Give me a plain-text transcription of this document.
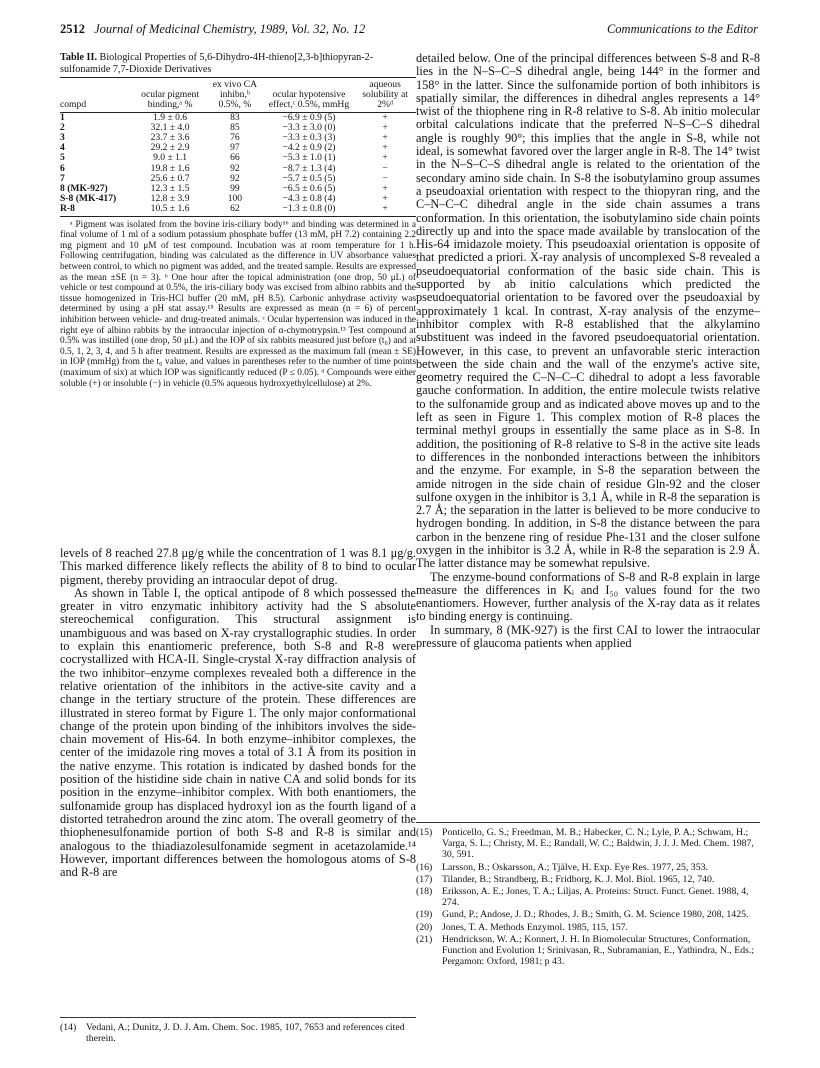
2512 Journal of Medicinal Chemistry, 1989, Vol. 32, No. 12	Communications to the Editor
Table II. Biological Properties of 5,6-Dihydro-4H-thieno[2,3-b]thiopyran-2-sulfonamide 7,7-Dioxide Derivatives
compd	ocular pigment binding,ᵃ %	ex vivo CA inhibn,ᵇ 0.5%, %	ocular hypotensive effect,ᶜ 0.5%, mmHg	aqueous solubility at 2%ᵈ
1	1.9 ± 0.6	83	−6.9 ± 0.9 (5)	+
2	32.1 ± 4.0	85	−3.3 ± 3.0 (0)	+
3	23.7 ± 3.6	76	−3.3 ± 0.3 (3)	+
4	29.2 ± 2.9	97	−4.2 ± 0.9 (2)	+
5	9.0 ± 1.1	66	−5.3 ± 1.0 (1)	+
6	19.8 ± 1.6	92	−8.7 ± 1.3 (4)	−
7	25.6 ± 0.7	92	−5.7 ± 0.5 (5)	−
8 (MK-927)	12.3 ± 1.5	99	−6.5 ± 0.6 (5)	+
S-8 (MK-417)	12.8 ± 3.9	100	−4.3 ± 0.8 (4)	+
R-8	10.5 ± 1.6	62	−1.3 ± 0.8 (0)	+

ᵃ Pigment was isolated from the bovine iris-ciliary body¹⁶ and binding was determined in a final volume of 1 ml of a sodium potassium phosphate buffer (13 mM, pH 7.2) containing 2.2 mg pigment and 10 μM of test compound. Incubation was at room temperature for 1 h. Following centrifugation, binding was calculated as the difference in UV absorbance values between control, to which no pigment was added, and the treated sample. Results are expressed as the mean ±SE (n = 3). ᵇ One hour after the topical administration (one drop, 50 μL) of vehicle or test compound at 0.5%, the iris-ciliary body was excised from albino rabbits and the tissue homogenized in Tris-HCl buffer (20 mM, pH 8.5). Carbonic anhydrase activity was determined by using a pH stat assay.¹⁵ Results are expressed as mean (n = 6) of percent inhibition between vehicle- and drug-treated animals. ᶜ Ocular hypertension was induced in the right eye of albino rabbits by the intraocular injection of α-chymotrypsin.¹³ Test compound at 0.5% was instilled (one drop, 50 μL) and the IOP of six rabbits measured just before (t₀) and at 0.5, 1, 2, 3, 4, and 5 h after treatment. Results are expressed as the maximum fall (mean ± SE) in IOP (mmHg) from the t₀ value, and values in parentheses refer to the number of time points (maximum of six) at which IOP was significantly reduced (P ≤ 0.05). ᵈ Compounds were either soluble (+) or insoluble (−) in vehicle (0.5% aqueous hydroxyethylcellulose) at 2%.

levels of 8 reached 27.8 μg/g while the concentration of 1 was 8.1 μg/g. This marked difference likely reflects the ability of 8 to bind to ocular pigment, thereby providing an intraocular depot of drug.

As shown in Table I, the optical antipode of 8 which possessed the greater in vitro enzymatic inhibitory activity had the S absolute stereochemical configuration. This structural assignment is unambiguous and was based on X-ray crystallographic studies. In order to explain this enantiomeric preference, both S-8 and R-8 were cocrystallized with HCA-II. Single-crystal X-ray diffraction analysis of the two inhibitor–enzyme complexes revealed both a difference in the relative orientation of the inhibitors in the active-site cavity and a change in the tertiary structure of the protein. These differences are illustrated in stereo format by Figure 1. The only major conformational change of the protein upon binding of the inhibitors involves the side-chain movement of His-64. In both enzyme–inhibitor complexes, the center of the imidazole ring moves a total of 3.1 Å from its position in the native enzyme. This rotation is indicated by dashed bonds for the position of the histidine side chain in native CA and solid bonds for its position in the enzyme–inhibitor complex. With both enantiomers, the sulfonamide group has displaced hydroxyl ion as the fourth ligand of a distorted tetrahedron around the zinc atom. The overall geometry of the thiophenesulfonamide portion of both S-8 and R-8 is similar and analogous to the thiadiazolesulfonamide segment in acetazolamide.¹⁴ However, important differences between the homologous atoms of S-8 and R-8 are

detailed below. One of the principal differences between S-8 and R-8 lies in the N–S–C–S dihedral angle, being 144° in the former and 158° in the latter. Since the sulfonamide portion of both inhibitors is spatially similar, the differences in dihedral angles represents a 14° twist of the thiophene ring in R-8 relative to S-8. Ab initio molecular orbital calculations indicate that the preferred N–S–C–S dihedral angle is roughly 90°; this implies that the angle in S-8, while not ideal, is somewhat favored over the larger angle in R-8. The 14° twist in the N–S–C–S dihedral angle is related to the orientation of the secondary amino side chain. In S-8 the isobutylamino group assumes a pseudoaxial orientation with respect to the thiopyran ring, and the C–N–C–C dihedral angle in the side chain assumes a trans conformation. In this orientation, the isobutylamino side chain points directly up and into the space made available by translocation of the His-64 imidazole moiety. This pseudoaxial orientation is opposite of that predicted a priori. X-ray analysis of uncomplexed S-8 revealed a pseudoequatorial conformation of the basic side chain. This is supported by ab initio calculations which predicted the pseudoequatorial orientation to be favored over the pseudoaxial by approximately 1 kcal. In contrast, X-ray analysis of the enzyme–inhibitor complex with R-8 established that the alkylamino substituent was indeed in the favored pseudoequatorial orientation. However, in this case, to prevent an unfavorable steric interaction between the side chain and the wall of the enzyme's active site, geometry required the C–N–C–C dihedral to adopt a less favorable gauche conformation. In addition, the entire molecule twists relative to the sulfonamide group and as indicated above moves up and to the left as seen in Figure 1. This complex motion of R-8 places the terminal methyl groups in essentially the same place as in S-8. In addition, the positioning of R-8 relative to S-8 in the active site leads to differences in the nonbonded interactions between the inhibitors and the enzyme. For example, in S-8 the separation between the amide nitrogen in the side chain of residue Gln-92 and the closer sulfone oxygen in the inhibitor is 3.1 Å, while in R-8 the separation is 2.7 Å; the separation in the latter is believed to be more conducive to hydrogen bonding. In addition, in S-8 the distance between the para carbon in the benzene ring of residue Phe-131 and the closer sulfone oxygen in the inhibitor is 3.2 Å, while in R-8 the separation is 2.9 Å. The latter distance may be somewhat repulsive.

The enzyme-bound conformations of S-8 and R-8 explain in large measure the differences in Kᵢ and I₅₀ values found for the two enantiomers. However, further analysis of the X-ray data as it relates to binding energy is continuing.

In summary, 8 (MK-927) is the first CAI to lower the intraocular pressure of glaucoma patients when applied

(15) Ponticello, G. S.; Freedman, M. B.; Habecker, C. N.; Lyle, P. A.; Schwam, H.; Varga, S. L.; Christy, M. E.; Randall, W. C.; Baldwin, J. J. J. Med. Chem. 1987, 30, 591.
(16) Larsson, B.; Oskarsson, A.; Tjälve, H. Exp. Eye Res. 1977, 25, 353.
(17) Tilander, B.; Strandberg, B.; Fridborg, K. J. Mol. Biol. 1965, 12, 740.
(18) Eriksson, A. E.; Jones, T. A.; Liljas, A. Proteins: Struct. Funct. Genet. 1988, 4, 274.
(19) Gund, P.; Andose, J. D.; Rhodes, J. B.; Smith, G. M. Science 1980, 208, 1425.
(20) Jones, T. A. Methods Enzymol. 1985, 115, 157.
(21) Hendrickson, W. A.; Konnert, J. H. In Biomolecular Structures, Conformation, Function and Evolution 1; Srinivasan, R., Subramanian, E., Yathindra, N., Eds.; Pergamon: Oxford, 1981; p 43.
(14) Vedani, A.; Dunitz, J. D. J. Am. Chem. Soc. 1985, 107, 7653 and references cited therein.
